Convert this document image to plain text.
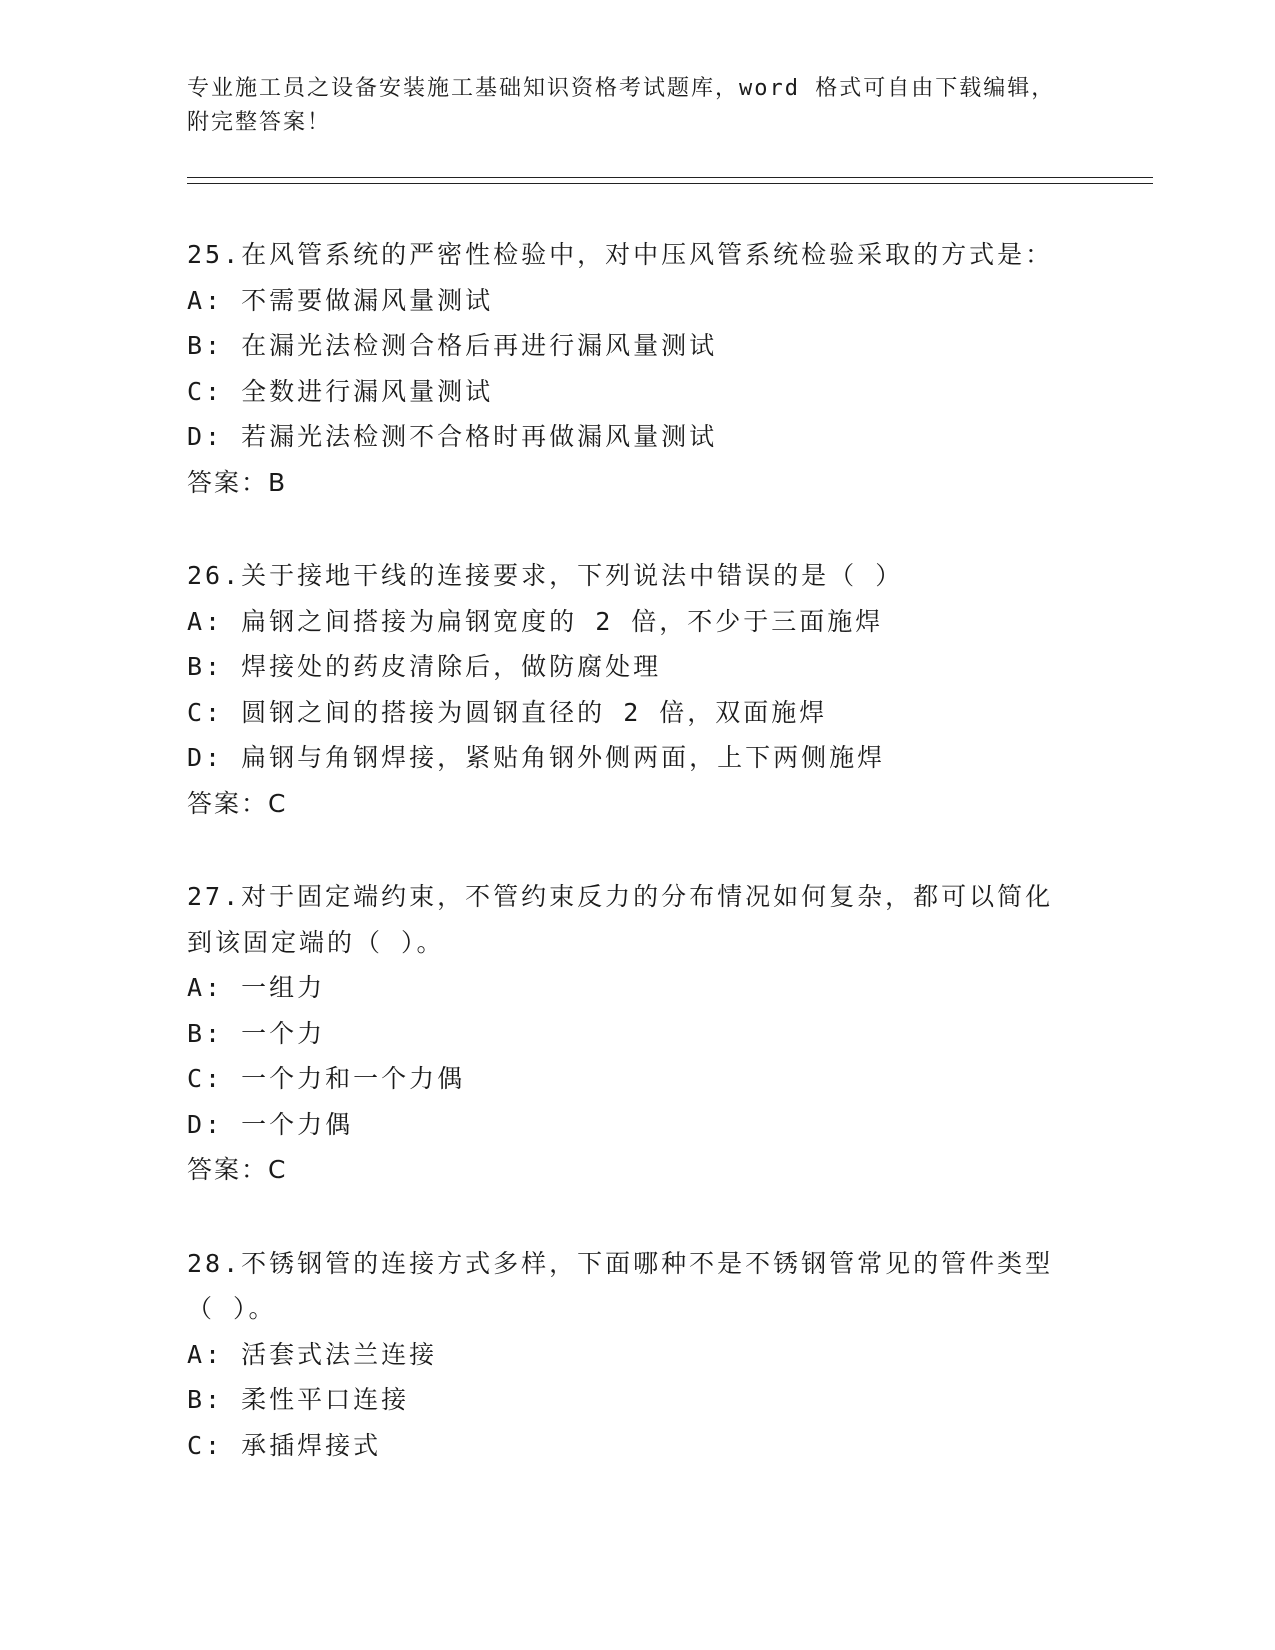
专业施工员之设备安装施工基础知识资格考试题库，word 格式可自由下载编辑，
附完整答案！
25.在风管系统的严密性检验中，对中压风管系统检验采取的方式是：
A: 不需要做漏风量测试
B: 在漏光法检测合格后再进行漏风量测试
C: 全数进行漏风量测试
D: 若漏光法检测不合格时再做漏风量测试
答案：B
26.关于接地干线的连接要求，下列说法中错误的是（ ）
A: 扁钢之间搭接为扁钢宽度的 2 倍，不少于三面施焊
B: 焊接处的药皮清除后，做防腐处理
C: 圆钢之间的搭接为圆钢直径的 2 倍，双面施焊
D: 扁钢与角钢焊接，紧贴角钢外侧两面，上下两侧施焊
答案：C
27.对于固定端约束，不管约束反力的分布情况如何复杂，都可以简化
到该固定端的（ ）。
A: 一组力
B: 一个力
C: 一个力和一个力偶
D: 一个力偶
答案：C
28.不锈钢管的连接方式多样，下面哪种不是不锈钢管常见的管件类型
（ ）。
A: 活套式法兰连接
B: 柔性平口连接
C: 承插焊接式
